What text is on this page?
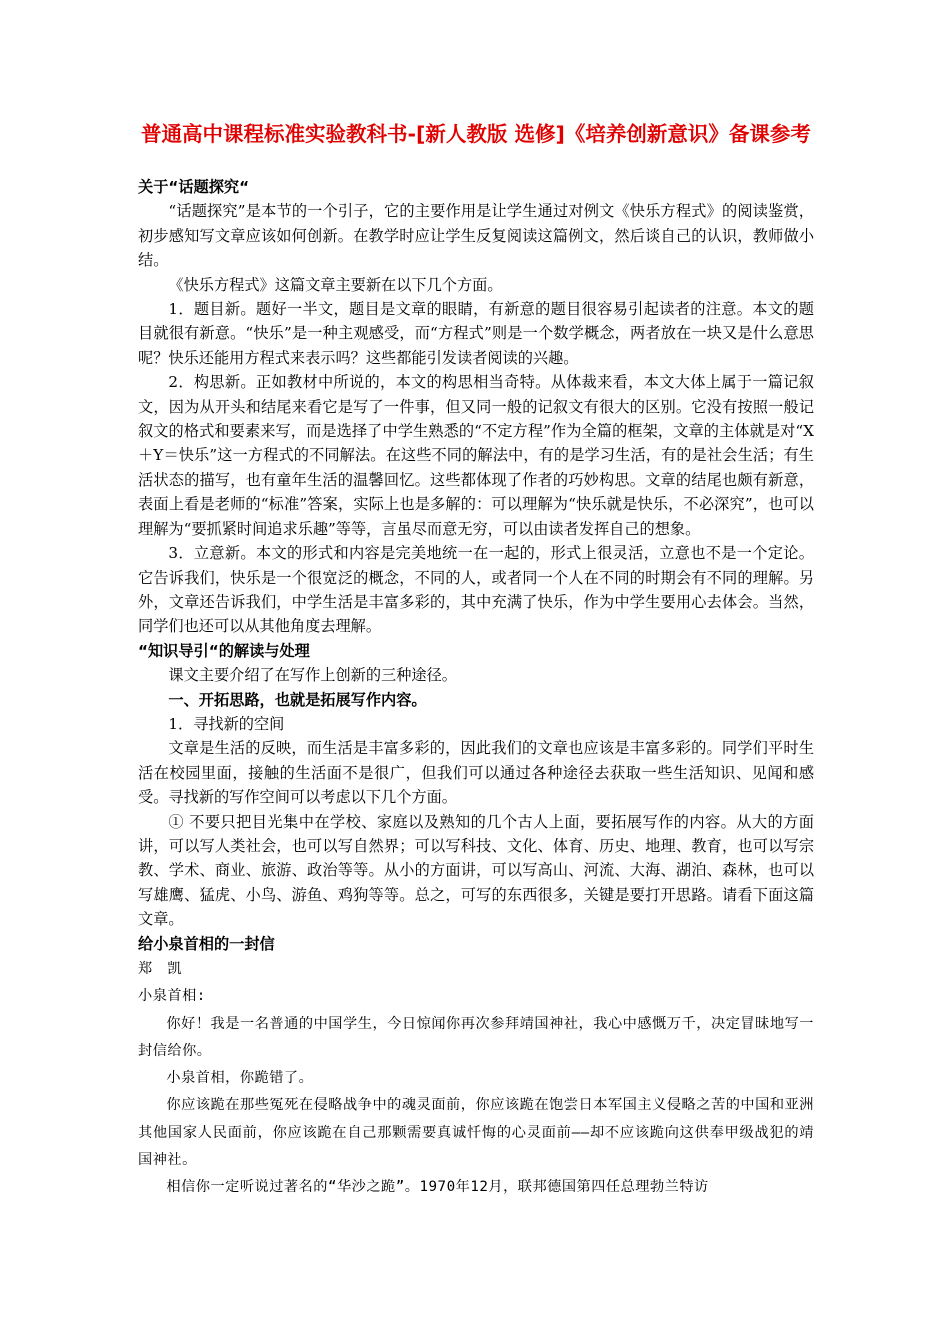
普通高中课程标准实验教科书-[新人教版 选修]《培养创新意识》备课参考

关于“话题探究“

“话题探究”是本节的一个引子，它的主要作用是让学生通过对例文《快乐方程式》的阅读鉴赏，初步感知写文章应该如何创新。在教学时应让学生反复阅读这篇例文，然后谈自己的认识，教师做小结。

《快乐方程式》这篇文章主要新在以下几个方面。

1．题目新。题好一半文，题目是文章的眼睛，有新意的题目很容易引起读者的注意。本文的题目就很有新意。“快乐”是一种主观感受，而“方程式”则是一个数学概念，两者放在一块又是什么意思呢？快乐还能用方程式来表示吗？这些都能引发读者阅读的兴趣。

2．构思新。正如教材中所说的，本文的构思相当奇特。从体裁来看，本文大体上属于一篇记叙文，因为从开头和结尾来看它是写了一件事，但又同一般的记叙文有很大的区别。它没有按照一般记叙文的格式和要素来写，而是选择了中学生熟悉的“不定方程”作为全篇的框架，文章的主体就是对“X＋Y＝快乐”这一方程式的不同解法。在这些不同的解法中，有的是学习生活，有的是社会生活；有生活状态的描写，也有童年生活的温馨回忆。这些都体现了作者的巧妙构思。文章的结尾也颇有新意，表面上看是老师的“标准”答案，实际上也是多解的：可以理解为“快乐就是快乐，不必深究”，也可以理解为“要抓紧时间追求乐趣”等等，言虽尽而意无穷，可以由读者发挥自己的想象。

3．立意新。本文的形式和内容是完美地统一在一起的，形式上很灵活，立意也不是一个定论。它告诉我们，快乐是一个很宽泛的概念，不同的人，或者同一个人在不同的时期会有不同的理解。另外，文章还告诉我们，中学生活是丰富多彩的，其中充满了快乐，作为中学生要用心去体会。当然，同学们也还可以从其他角度去理解。

“知识导引“的解读与处理

课文主要介绍了在写作上创新的三种途径。

一、开拓思路，也就是拓展写作内容。

1．寻找新的空间

文章是生活的反映，而生活是丰富多彩的，因此我们的文章也应该是丰富多彩的。同学们平时生活在校园里面，接触的生活面不是很广，但我们可以通过各种途径去获取一些生活知识、见闻和感受。寻找新的写作空间可以考虑以下几个方面。

① 不要只把目光集中在学校、家庭以及熟知的几个古人上面，要拓展写作的内容。从大的方面讲，可以写人类社会，也可以写自然界；可以写科技、文化、体育、历史、地理、教育，也可以写宗教、学术、商业、旅游、政治等等。从小的方面讲，可以写高山、河流、大海、湖泊、森林，也可以写雄鹰、猛虎、小鸟、游鱼、鸡狗等等。总之，可写的东西很多，关键是要打开思路。请看下面这篇文章。

给小泉首相的一封信

郑　凯

小泉首相:

你好！我是一名普通的中国学生，今日惊闻你再次参拜靖国神社，我心中感慨万千，决定冒昧地写一封信给你。

小泉首相，你跪错了。

你应该跪在那些冤死在侵略战争中的魂灵面前，你应该跪在饱尝日本军国主义侵略之苦的中国和亚洲其他国家人民面前，你应该跪在自己那颗需要真诚忏悔的心灵面前——却不应该跪向这供奉甲级战犯的靖国神社。

相信你一定听说过著名的“华沙之跪”。1970年12月，联邦德国第四任总理勃兰特访
